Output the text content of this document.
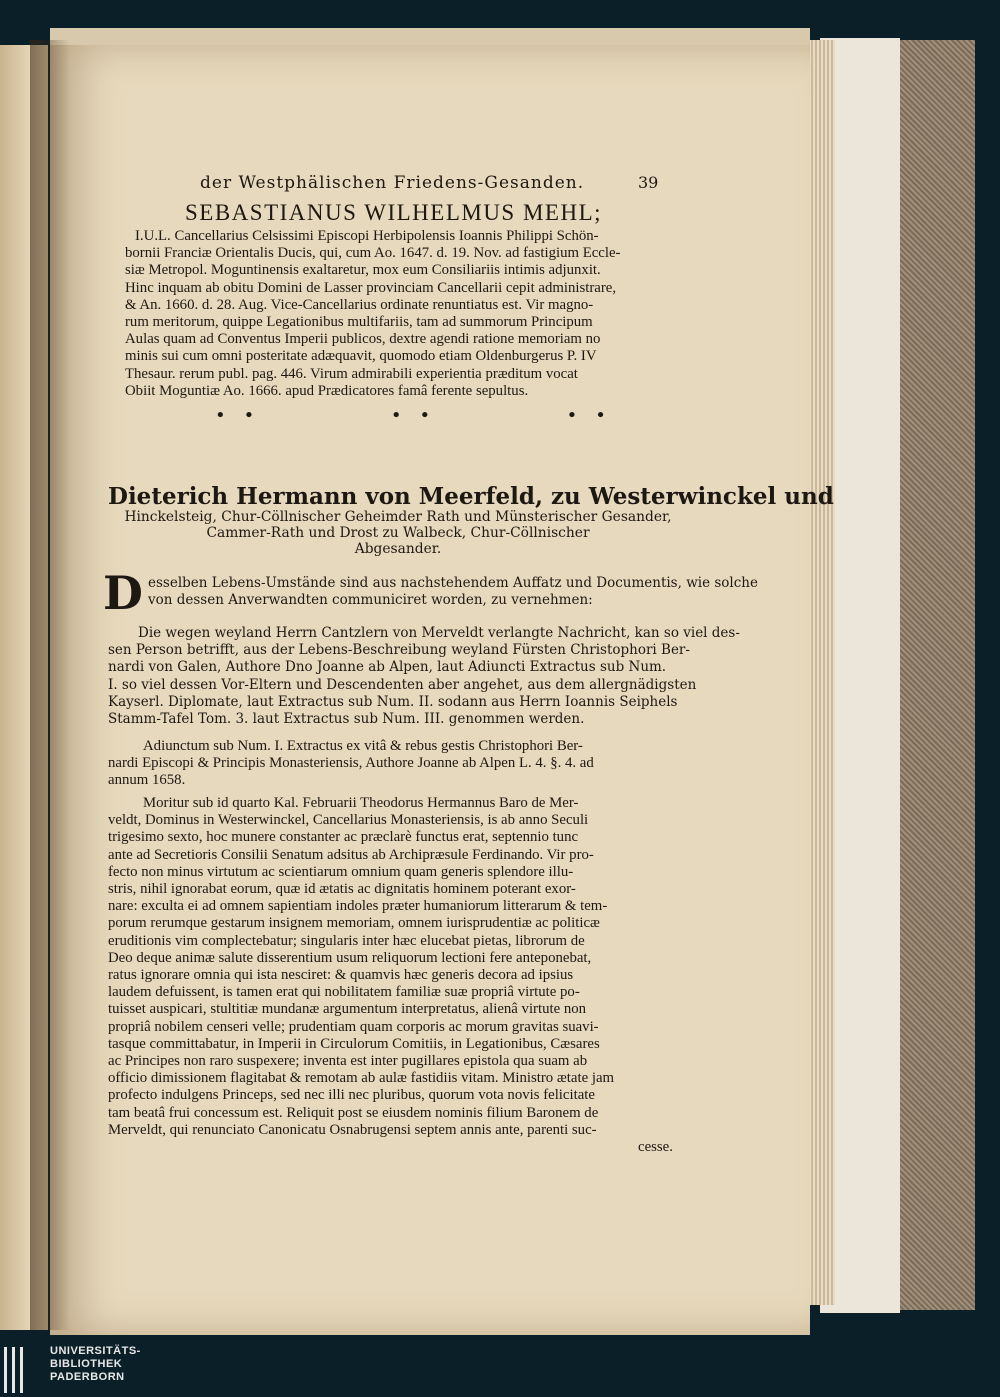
der Westphälischen Friedens-Gesanden.	39
SEBASTIANUS WILHELMUS MEHL;
I.U.L. Cancellarius Celsissimi Episcopi Herbipolensis Ioannis Philippi Schön-
bornii Franciæ Orientalis Ducis, qui, cum Ao. 1647. d. 19. Nov. ad fastigium Eccle-
siæ Metropol. Moguntinensis exaltaretur, mox eum Consiliariis intimis adjunxit.
Hinc inquam ab obitu Domini de Lasser provinciam Cancellarii cepit administrare,
& An. 1660. d. 28. Aug. Vice-Cancellarius ordinate renuntiatus est. Vir magno-
rum meritorum, quippe Legationibus multifariis, tam ad summorum Principum
Aulas quam ad Conventus Imperii publicos, dextre agendi ratione memoriam no
minis sui cum omni posteritate adæquavit, quomodo etiam Oldenburgerus P. IV
Thesaur. rerum publ. pag. 446. Virum admirabili experientia præditum vocat
Obiit Moguntiæ Ao. 1666. apud Prædicatores famâ ferente sepultus.
••     ••     ••
Dieterich Hermann von Meerfeld, zu Westerwinckel und
Hinckelsteig, Chur-Cöllnischer Geheimder Rath und Münsterischer Gesander,
Cammer-Rath und Drost zu Walbeck, Chur-Cöllnischer
Abgesander.
D esselben Lebens-Umstände sind aus nachstehendem Auffatz und Documentis, wie solche
von dessen Anverwandten communiciret worden, zu vernehmen:
Die wegen weyland Herrn Cantzlern von Merveldt verlangte Nachricht, kan so viel des-
sen Person betrifft, aus der Lebens-Beschreibung weyland Fürsten Christophori Ber-
nardi von Galen, Authore Dno Joanne ab Alpen, laut Adiuncti Extractus sub Num.
I. so viel dessen Vor-Eltern und Descendenten aber angehet, aus dem allergnädigsten
Kayserl. Diplomate, laut Extractus sub Num. II. sodann aus Herrn Ioannis Seiphels
Stamm-Tafel Tom. 3. laut Extractus sub Num. III. genommen werden.
Adiunctum sub Num. I. Extractus ex vitâ & rebus gestis Christophori Ber-
nardi Episcopi & Principis Monasteriensis, Authore Joanne ab Alpen L. 4. §. 4. ad
annum 1658.
Moritur sub id quarto Kal. Februarii Theodorus Hermannus Baro de Mer-
veldt, Dominus in Westerwinckel, Cancellarius Monasteriensis, is ab anno Seculi
trigesimo sexto, hoc munere constanter ac præclarè functus erat, septennio tunc
ante ad Secretioris Consilii Senatum adsitus ab Archipræsule Ferdinando. Vir pro-
fecto non minus virtutum ac scientiarum omnium quam generis splendore illu-
stris, nihil ignorabat eorum, quæ id ætatis ac dignitatis hominem poterant exor-
nare: exculta ei ad omnem sapientiam indoles præter humaniorum litterarum & tem-
porum rerumque gestarum insignem memoriam, omnem iurisprudentiæ ac politicæ
eruditionis vim complectebatur; singularis inter hæc elucebat pietas, librorum de
Deo deque animæ salute disserentium usum reliquorum lectioni fere anteponebat,
ratus ignorare omnia qui ista nesciret: & quamvis hæc generis decora ad ipsius
laudem defuissent, is tamen erat qui nobilitatem familiæ suæ propriâ virtute po-
tuisset auspicari, stultitiæ mundanæ argumentum interpretatus, alienâ virtute non
propriâ nobilem censeri velle; prudentiam quam corporis ac morum gravitas suavi-
tasque committabatur, in Imperii in Circulorum Comitiis, in Legationibus, Cæsares
ac Principes non raro suspexere; inventa est inter pugillares epistola qua suam ab
officio dimissionem flagitabat & remotam ab aulæ fastidiis vitam. Ministro ætate jam
profecto indulgens Princeps, sed nec illi nec pluribus, quorum vota novis felicitate
tam beatâ frui concessum est. Reliquit post se eiusdem nominis filium Baronem de
Merveldt, qui renunciato Canonicatu Osnabrugensi septem annis ante, parenti suc-
cesse.
UNIVERSITÄTS-
BIBLIOTHEK
PADERBORN
